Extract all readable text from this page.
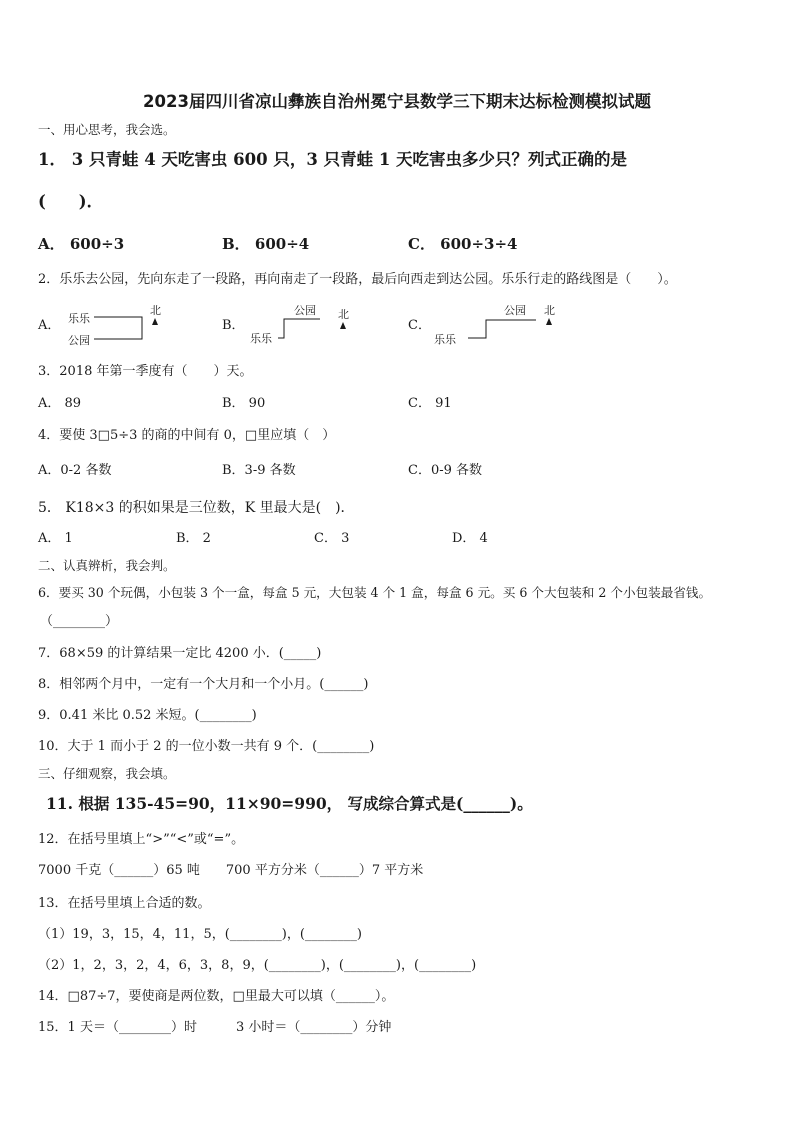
2023届四川省凉山彝族自治州冕宁县数学三下期末达标检测模拟试题
一、用心思考，我会选。
1． 3 只青蛙 4 天吃害虫 600 只，3 只青蛙 1 天吃害虫多少只？列式正确的是
(　　)．
A． 600÷3	B． 600÷4	C． 600÷3÷4
2．乐乐去公园，先向东走了一段路，再向南走了一段路，最后向西走到达公园。乐乐行走的路线图是（　　）。
A．	B．	C．
乐乐
公园
北
乐乐
公园 北
乐乐
公园 北
3．2018 年第一季度有（　　）天。
A． 89	B． 90	C． 91
4．要使 3□5÷3 的商的中间有 0，□里应填（　）
A．0-2 各数	B．3-9 各数	C．0-9 各数
5． K18×3 的积如果是三位数，K 里最大是(　)．
A． 1	B． 2	C． 3	D． 4
二、认真辨析，我会判。
6．要买 30 个玩偶，小包装 3 个一盒，每盒 5 元，大包装 4 个 1 盒，每盒 6 元。买 6 个大包装和 2 个小包装最省钱。
（________）
7．68×59 的计算结果一定比 4200 小．(_____)
8．相邻两个月中，一定有一个大月和一个小月。(______)
9．0.41 米比 0.52 米短。(________)
10．大于 1 而小于 2 的一位小数一共有 9 个．(________)
三、仔细观察，我会填。
11. 根据 135-45=90，11×90=990， 写成综合算式是(______)。
12．在括号里填上“>”“<”或“=”。
7000 千克（______）65 吨　　700 平方分米（______）7 平方米
13．在括号里填上合适的数。
（1）19，3，15，4，11，5，(________)，(________)
（2）1，2，3，2，4，6，3，8，9，(________)，(________)，(________)
14．□87÷7，要使商是两位数，□里最大可以填（______）。
15．1 天＝（________）时　　　3 小时＝（________）分钟
